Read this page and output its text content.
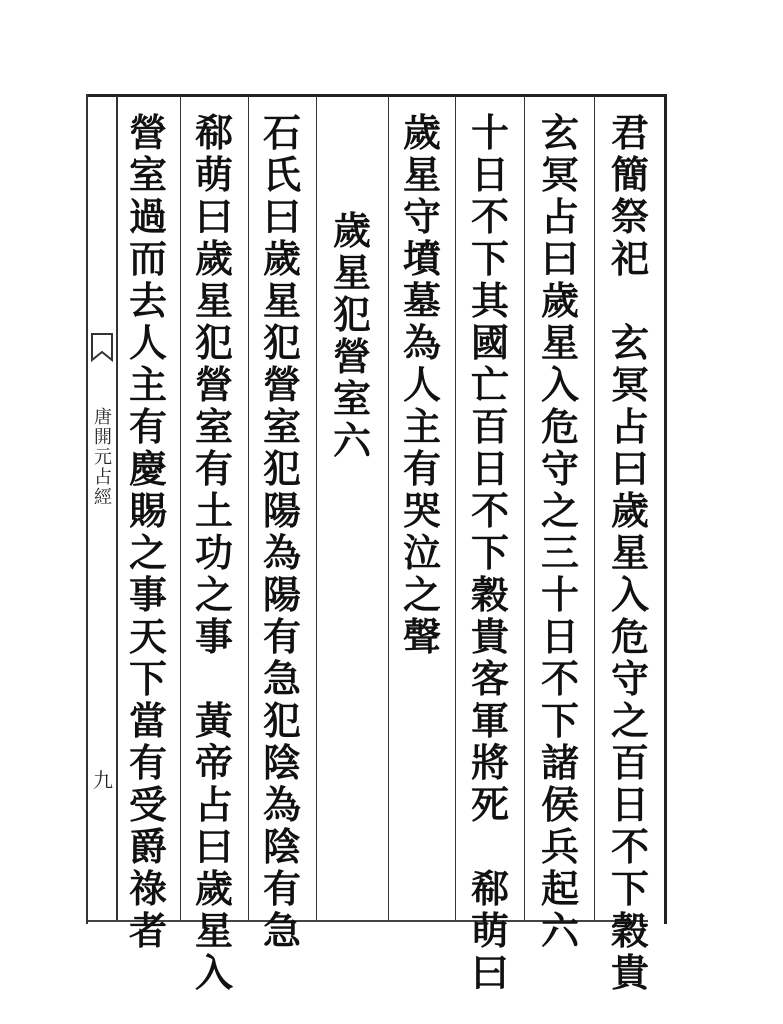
唐
開
元
占
經
九
君
簡
祭
祀

玄
冥
占
曰
歲
星
入
危
守
之
百
日
不
下
穀
貴
玄
冥
占
曰
歲
星
入
危
守
之
三
十
日
不
下
諸
侯
兵
起
六
十
日
不
下
其
國
亡
百
日
不
下
穀
貴
客
軍
將
死

郗
萌
曰
歲
星
守
墳
墓
為
人
主
有
哭
泣
之
聲
歲
星
犯
營
室
六
石
氏
曰
歲
星
犯
營
室
犯
陽
為
陽
有
急
犯
陰
為
陰
有
急
郗
萌
曰
歲
星
犯
營
室
有
土
功
之
事

黃
帝
占
曰
歲
星
入
營
室
過
而
去
人
主
有
慶
賜
之
事
天
下
當
有
受
爵
祿
者
